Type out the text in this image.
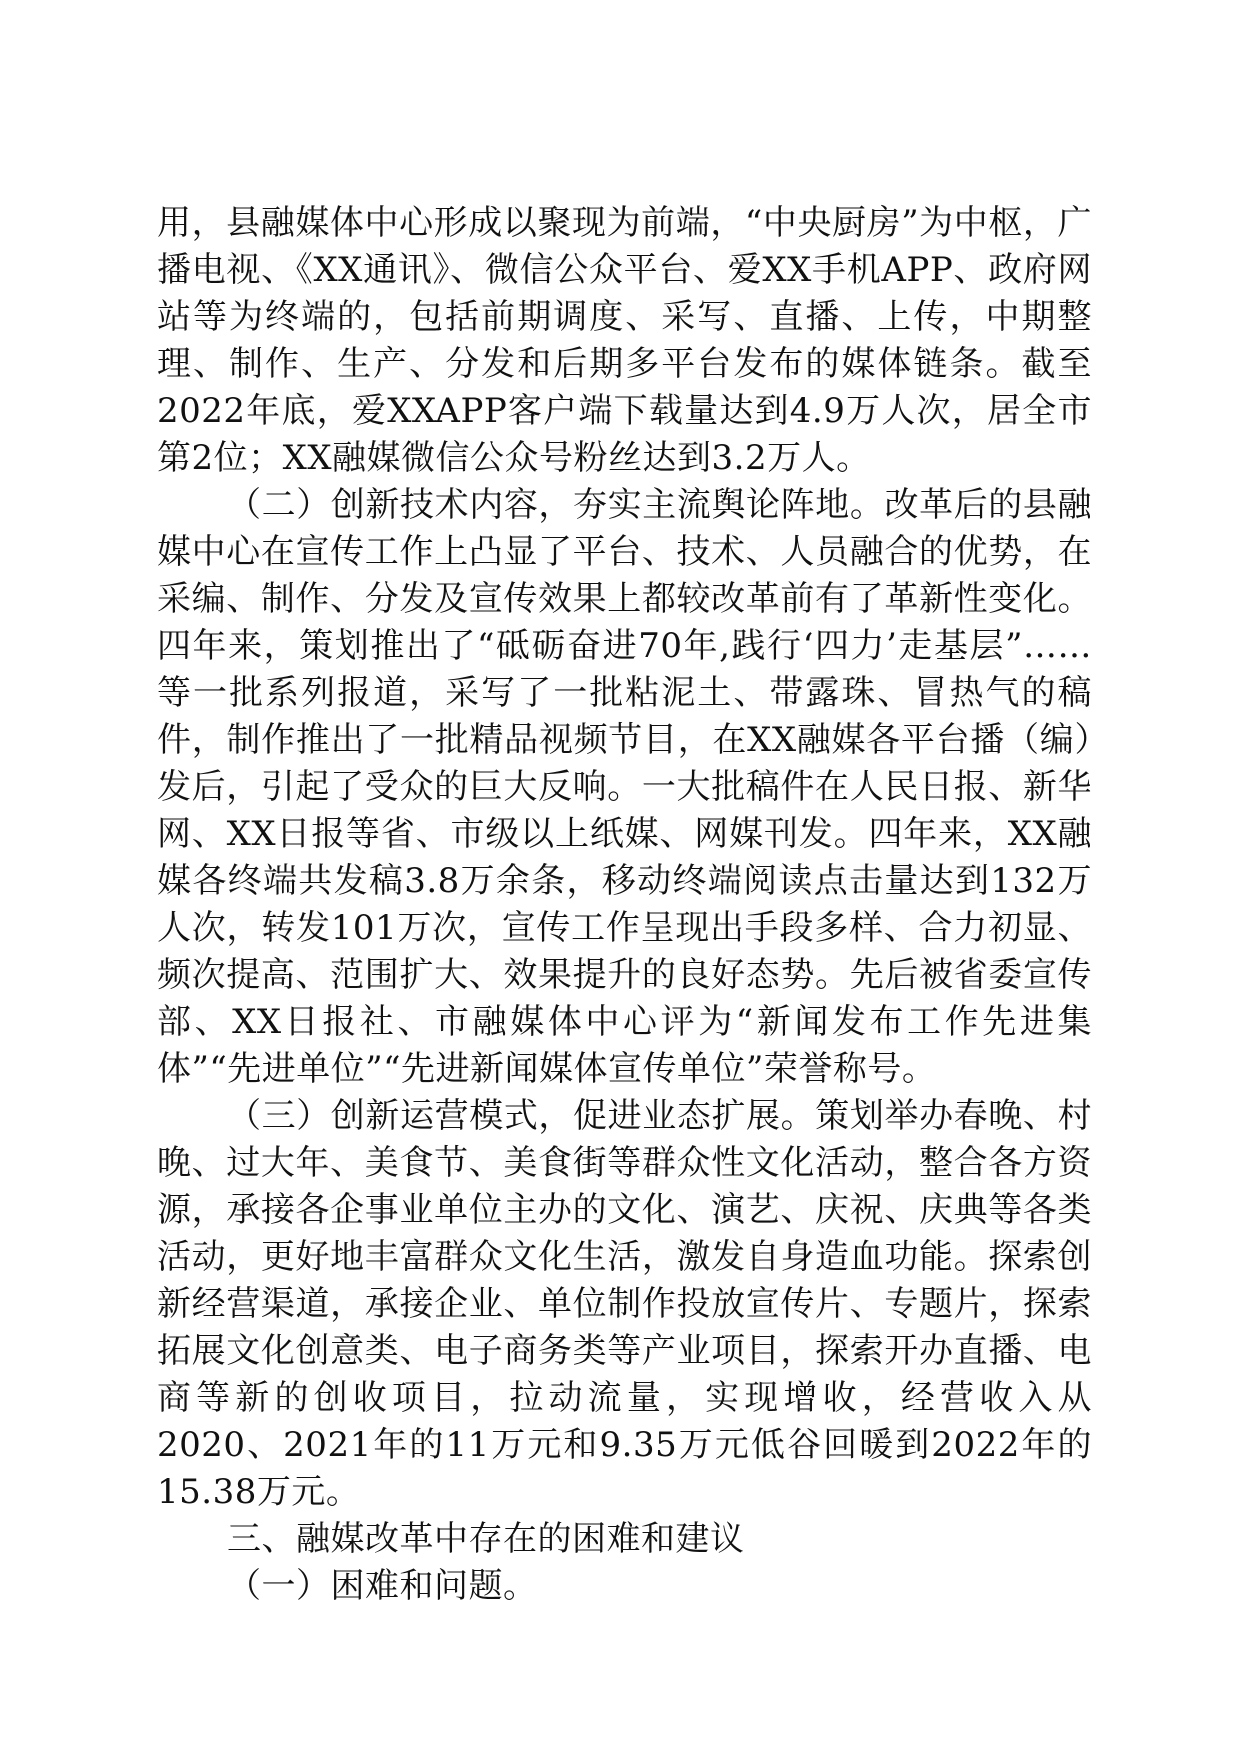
用，县融媒体中心形成以聚现为前端，“中央厨房”为中枢，广播电视、《XX通讯》、微信公众平台、爱XX手机APP、政府网站等为终端的，包括前期调度、采写、直播、上传，中期整理、制作、生产、分发和后期多平台发布的媒体链条。截至2022年底，爱XXAPP客户端下载量达到4.9万人次，居全市第2位；XX融媒微信公众号粉丝达到3.2万人。

（二）创新技术内容，夯实主流舆论阵地。改革后的县融媒中心在宣传工作上凸显了平台、技术、人员融合的优势，在采编、制作、分发及宣传效果上都较改革前有了革新性变化。四年来，策划推出了“砥砺奋进70年,践行‘四力’走基层”……等一批系列报道，采写了一批粘泥土、带露珠、冒热气的稿件，制作推出了一批精品视频节目，在XX融媒各平台播（编）发后，引起了受众的巨大反响。一大批稿件在人民日报、新华网、XX日报等省、市级以上纸媒、网媒刊发。四年来，XX融媒各终端共发稿3.8万余条，移动终端阅读点击量达到132万人次，转发101万次，宣传工作呈现出手段多样、合力初显、频次提高、范围扩大、效果提升的良好态势。先后被省委宣传部、XX日报社、市融媒体中心评为“新闻发布工作先进集体”“先进单位”“先进新闻媒体宣传单位”荣誉称号。

（三）创新运营模式，促进业态扩展。策划举办春晚、村晚、过大年、美食节、美食街等群众性文化活动，整合各方资源，承接各企事业单位主办的文化、演艺、庆祝、庆典等各类活动，更好地丰富群众文化生活，激发自身造血功能。探索创新经营渠道，承接企业、单位制作投放宣传片、专题片，探索拓展文化创意类、电子商务类等产业项目，探索开办直播、电商等新的创收项目，拉动流量，实现增收，经营收入从2020、2021年的11万元和9.35万元低谷回暖到2022年的15.38万元。

三、融媒改革中存在的困难和建议

（一）困难和问题。
